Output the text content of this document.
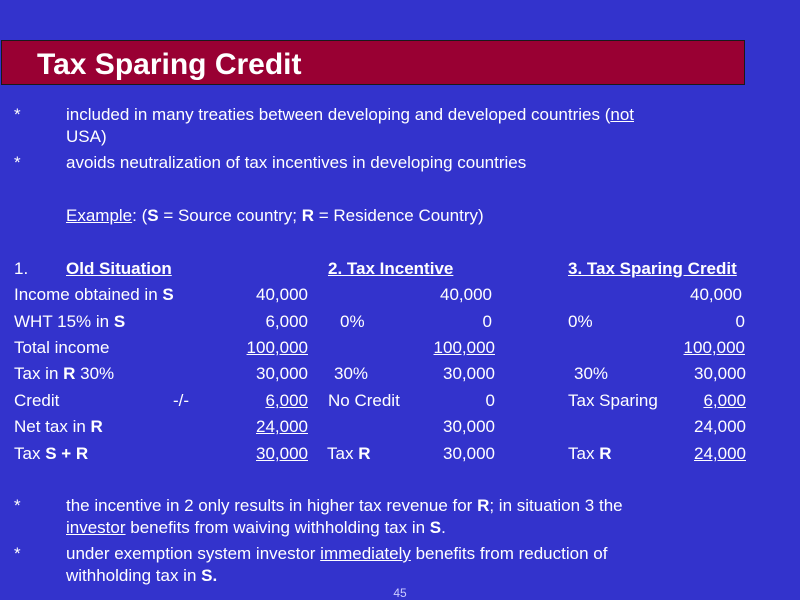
Tax Sparing Credit
*	included in many treaties between developing and developed countries (not
USA)
*	avoids neutralization of tax incentives in developing countries
Example: (S = Source country; R = Residence Country)
1. Old Situation	2. Tax Incentive	3. Tax Sparing Credit
Income obtained in S	40,000	40,000	40,000
WHT 15% in S	6,000 0%	0	0%	0
Total income	100,000	100,000	100,000
Tax in R 30%	30,000 30%	30,000	30%	30,000
Credit	-/-	6,000 No Credit	0	Tax Sparing	6,000
Net tax in R	24,000	30,000	24,000
Tax S + R	30,000 Tax R	30,000	Tax R	24,000
*	the incentive in 2 only results in higher tax revenue for R; in situation 3 the
investor benefits from waiving withholding tax in S.
*	under exemption system investor immediately benefits from reduction of
withholding tax in S.
45
